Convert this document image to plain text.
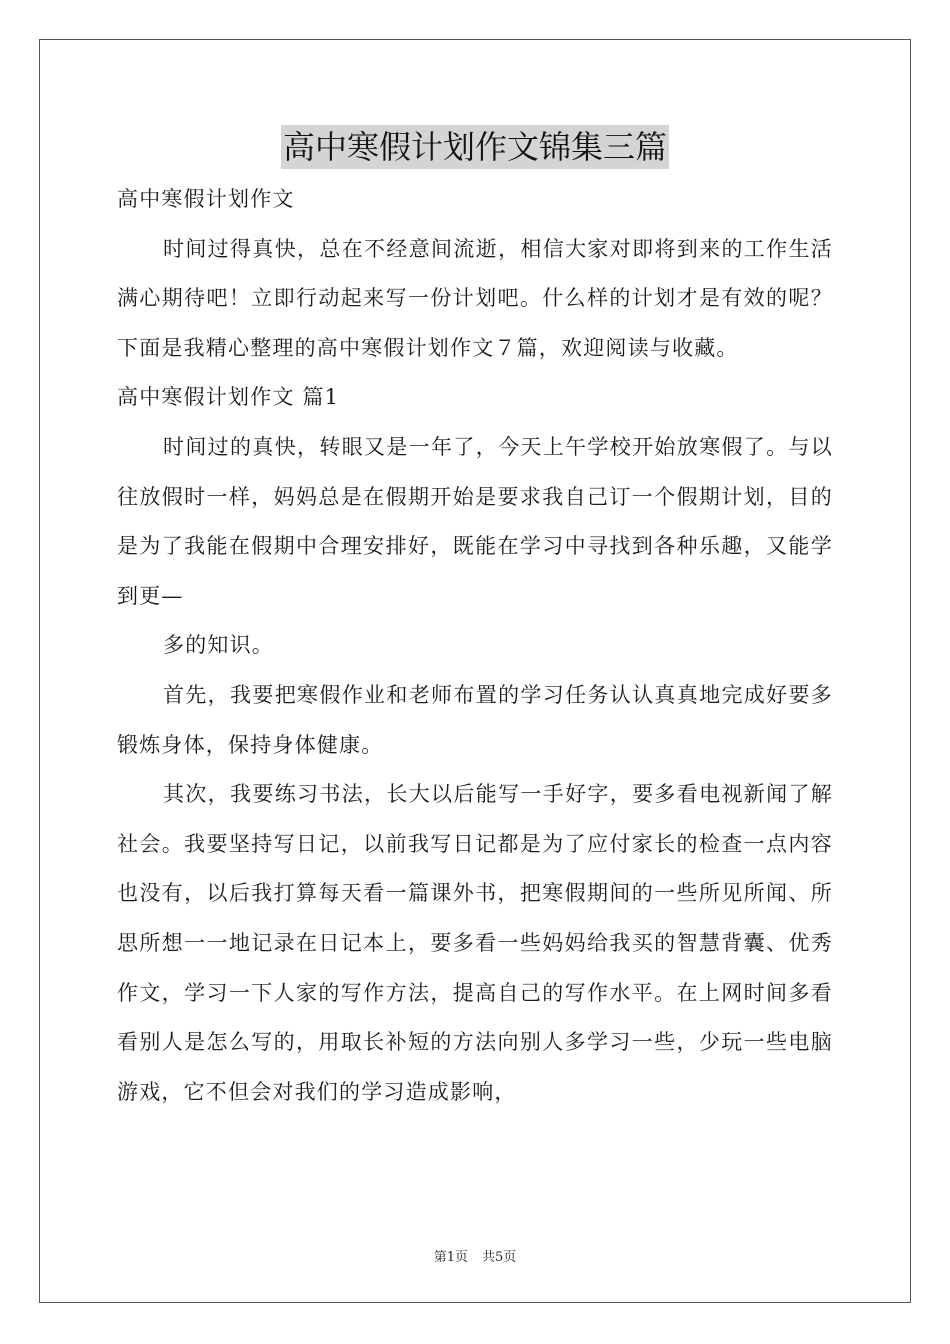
高中寒假计划作文锦集三篇

高中寒假计划作文

时间过得真快，总在不经意间流逝，相信大家对即将到来的工作生活满心期待吧！立即行动起来写一份计划吧。什么样的计划才是有效的呢？下面是我精心整理的高中寒假计划作文７篇，欢迎阅读与收藏。

高中寒假计划作文 篇1

时间过的真快，转眼又是一年了，今天上午学校开始放寒假了。与以往放假时一样，妈妈总是在假期开始是要求我自己订一个假期计划，目的是为了我能在假期中合理安排好，既能在学习中寻找到各种乐趣，又能学到更—

多的知识。

首先，我要把寒假作业和老师布置的学习任务认认真真地完成好要多锻炼身体，保持身体健康。

其次，我要练习书法，长大以后能写一手好字，要多看电视新闻了解社会。我要坚持写日记，以前我写日记都是为了应付家长的检查一点内容也没有，以后我打算每天看一篇课外书，把寒假期间的一些所见所闻、所思所想一一地记录在日记本上，要多看一些妈妈给我买的智慧背囊、优秀作文，学习一下人家的写作方法，提高自己的写作水平。在上网时间多看看别人是怎么写的，用取长补短的方法向别人多学习一些，少玩一些电脑游戏，它不但会对我们的学习造成影响，

第1页 共5页
